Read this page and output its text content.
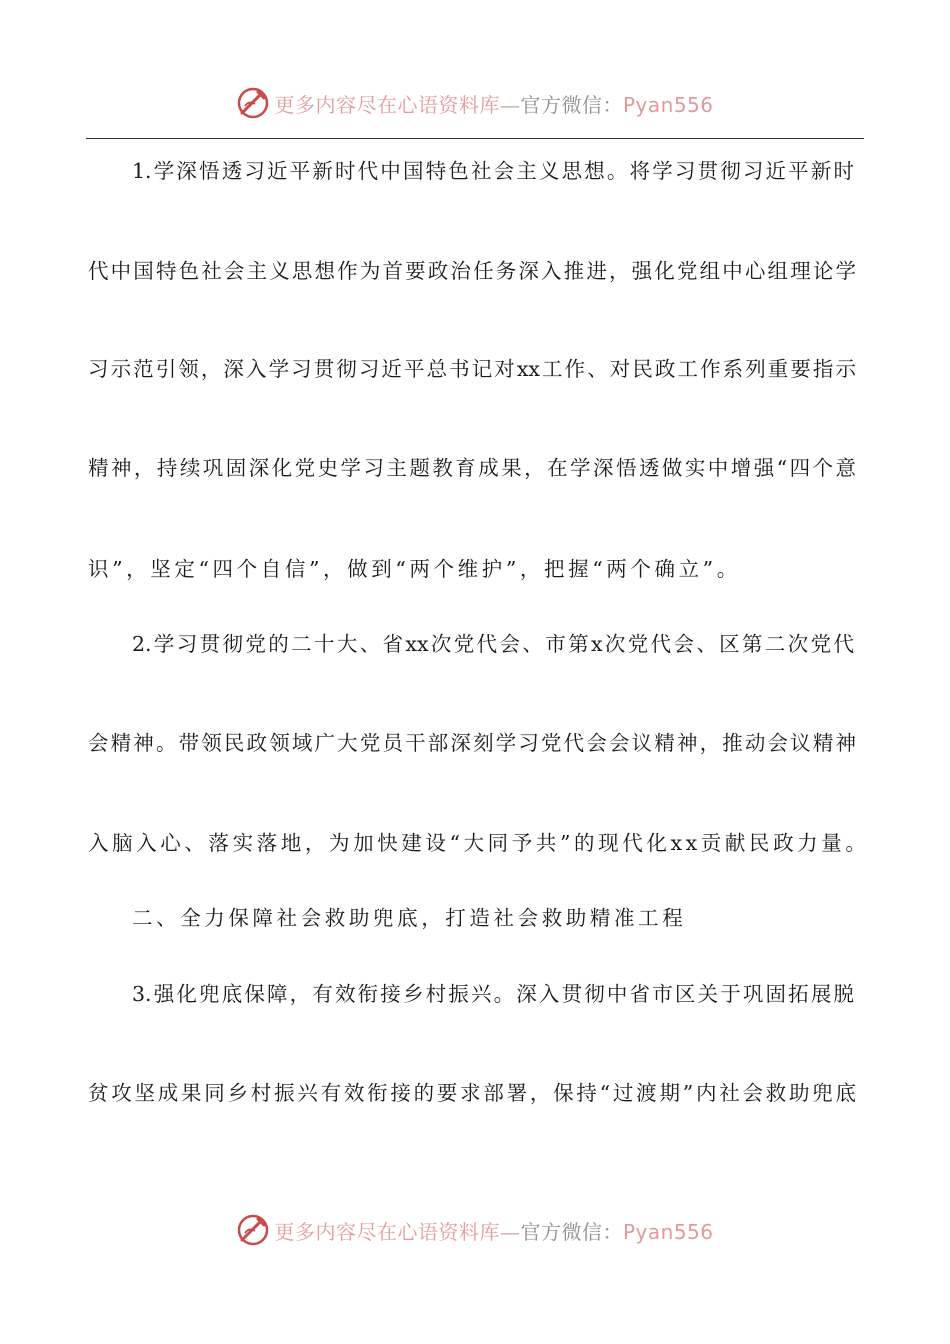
更多内容尽在心语资料库—官方微信：Pyan556
1.学深悟透习近平新时代中国特色社会主义思想。将学习贯彻习近平新时
代中国特色社会主义思想作为首要政治任务深入推进，强化党组中心组理论学
习示范引领，深入学习贯彻习近平总书记对xx工作、对民政工作系列重要指示
精神，持续巩固深化党史学习主题教育成果，在学深悟透做实中增强“四个意
识”，坚定“四个自信”，做到“两个维护”，把握“两个确立”。
2.学习贯彻党的二十大、省xx次党代会、市第x次党代会、区第二次党代
会精神。带领民政领域广大党员干部深刻学习党代会会议精神，推动会议精神
入脑入心、落实落地，为加快建设“大同予共”的现代化xx贡献民政力量。
二、全力保障社会救助兜底，打造社会救助精准工程
3.强化兜底保障，有效衔接乡村振兴。深入贯彻中省市区关于巩固拓展脱
贫攻坚成果同乡村振兴有效衔接的要求部署，保持“过渡期”内社会救助兜底
更多内容尽在心语资料库—官方微信：Pyan556
